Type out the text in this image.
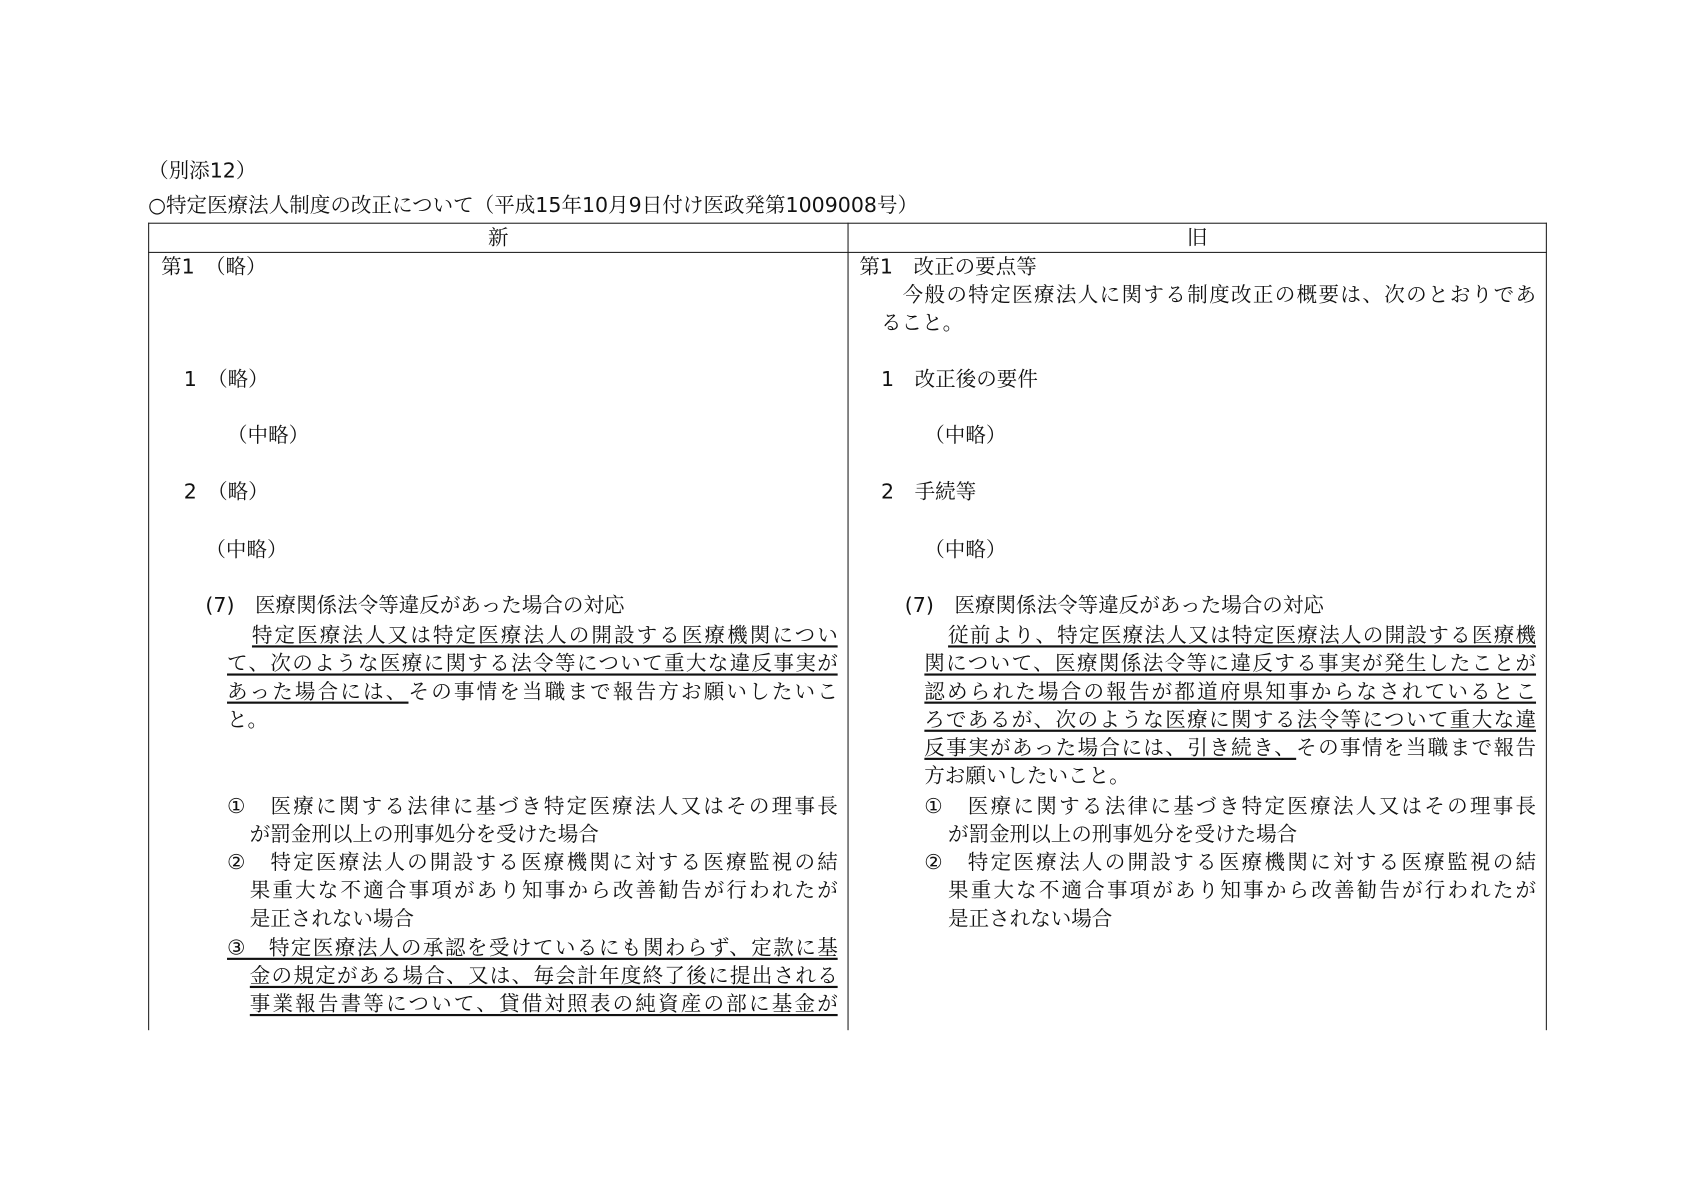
（別添12）
○特定医療法人制度の改正について（平成15年10月9日付け医政発第1009008号）
新	旧
第1　（略）
1　（略）
（中略）
2　（略）
（中略）
(7)　医療関係法令等違反があった場合の対応
特定医療法人又は特定医療法人の開設する医療機関につい
て、次のような医療に関する法令等について重大な違反事実が
あった場合には、その事情を当職まで報告方お願いしたいこ
と。
①　医療に関する法律に基づき特定医療法人又はその理事長
が罰金刑以上の刑事処分を受けた場合
②　特定医療法人の開設する医療機関に対する医療監視の結
果重大な不適合事項があり知事から改善勧告が行われたが
是正されない場合
③　特定医療法人の承認を受けているにも関わらず、定款に基
金の規定がある場合、又は、毎会計年度終了後に提出される
事業報告書等について、貸借対照表の純資産の部に基金が
第1　改正の要点等
今般の特定医療法人に関する制度改正の概要は、次のとおりであ
ること。
1　改正後の要件
（中略）
2　手続等
（中略）
(7)　医療関係法令等違反があった場合の対応
従前より、特定医療法人又は特定医療法人の開設する医療機
関について、医療関係法令等に違反する事実が発生したことが
認められた場合の報告が都道府県知事からなされているとこ
ろであるが、次のような医療に関する法令等について重大な違
反事実があった場合には、引き続き、その事情を当職まで報告
方お願いしたいこと。
①　医療に関する法律に基づき特定医療法人又はその理事長
が罰金刑以上の刑事処分を受けた場合
②　特定医療法人の開設する医療機関に対する医療監視の結
果重大な不適合事項があり知事から改善勧告が行われたが
是正されない場合
